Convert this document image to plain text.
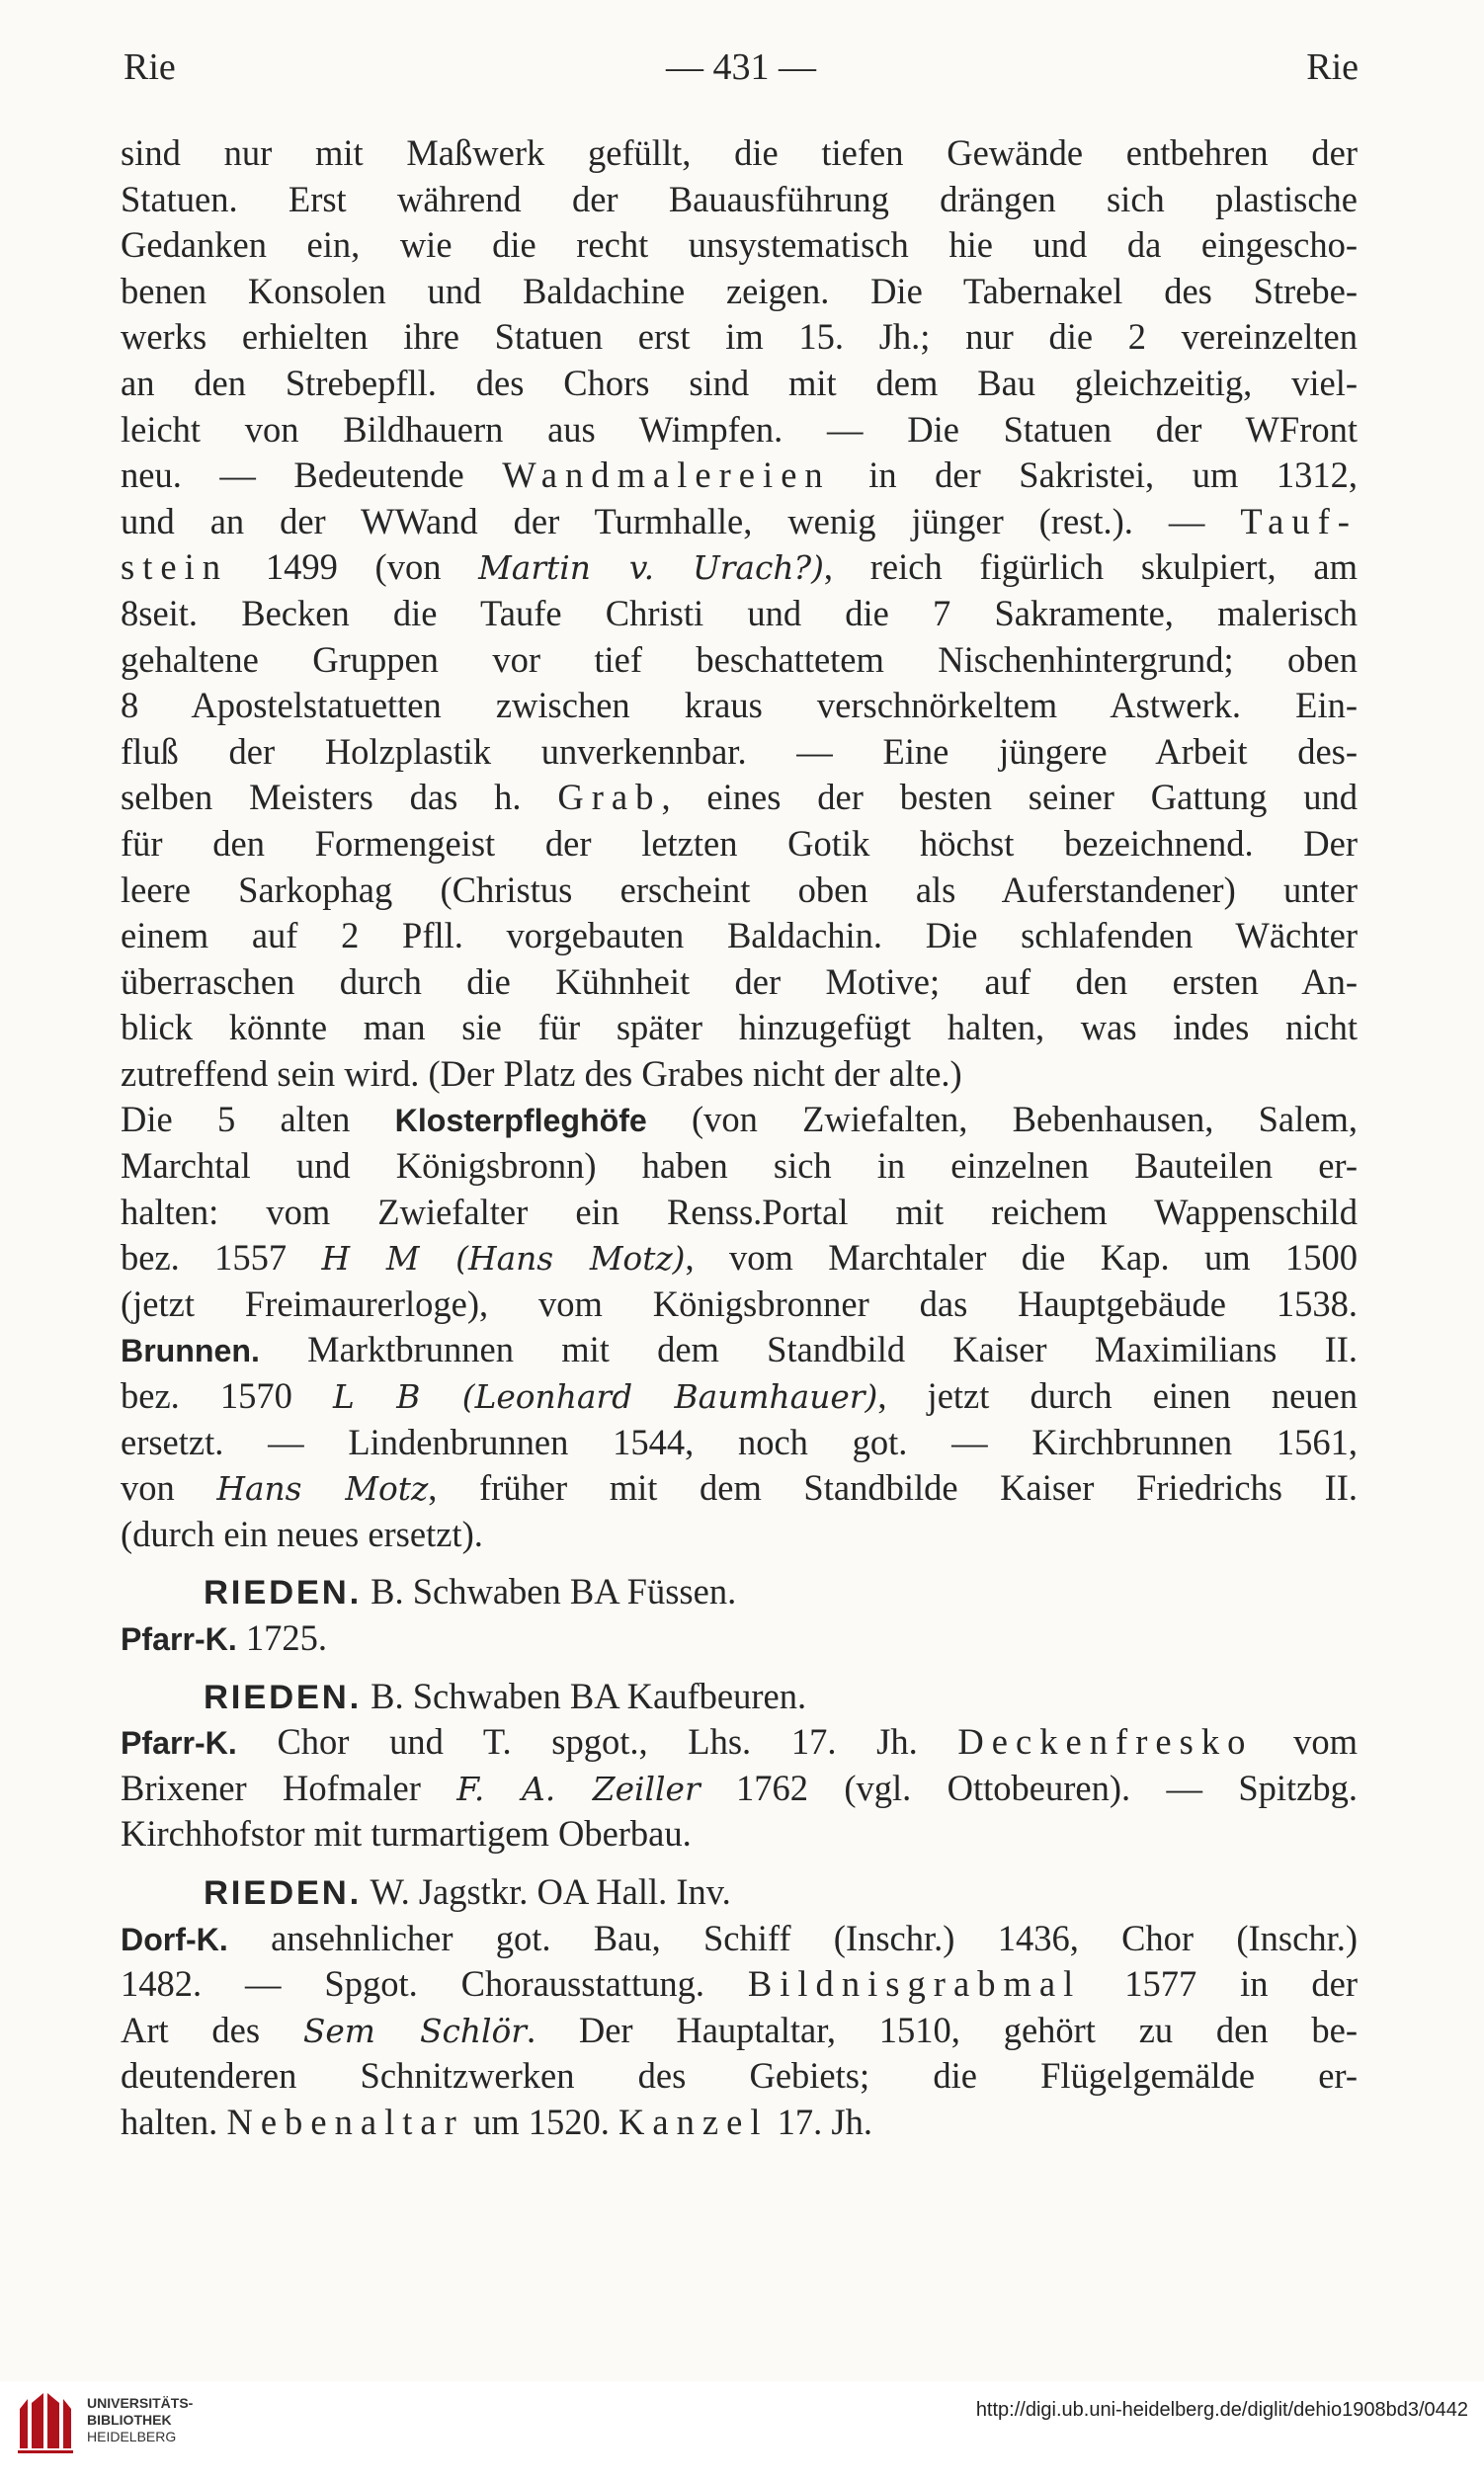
Rie	— 431 —	Rie
sind nur mit Maßwerk gefüllt, die tiefen Gewände entbehren der
Statuen. Erst während der Bauausführung drängen sich plastische
Gedanken ein, wie die recht unsystematisch hie und da eingescho-
benen Konsolen und Baldachine zeigen. Die Tabernakel des Strebe-
werks erhielten ihre Statuen erst im 15. Jh.; nur die 2 vereinzelten
an den Strebepfll. des Chors sind mit dem Bau gleichzeitig, viel-
leicht von Bildhauern aus Wimpfen. — Die Statuen der WFront
neu. — Bedeutende Wandmalereien in der Sakristei, um 1312,
und an der WWand der Turmhalle, wenig jünger (rest.). — Tauf-
stein 1499 (von Martin v. Urach?), reich figürlich skulpiert, am
8seit. Becken die Taufe Christi und die 7 Sakramente, malerisch
gehaltene Gruppen vor tief beschattetem Nischenhintergrund; oben
8 Apostelstatuetten zwischen kraus verschnörkeltem Astwerk. Ein-
fluß der Holzplastik unverkennbar. — Eine jüngere Arbeit des-
selben Meisters das h. Grab, eines der besten seiner Gattung und
für den Formengeist der letzten Gotik höchst bezeichnend. Der
leere Sarkophag (Christus erscheint oben als Auferstandener) unter
einem auf 2 Pfll. vorgebauten Baldachin. Die schlafenden Wächter
überraschen durch die Kühnheit der Motive; auf den ersten An-
blick könnte man sie für später hinzugefügt halten, was indes nicht
zutreffend sein wird. (Der Platz des Grabes nicht der alte.)
Die 5 alten Klosterpfleghöfe (von Zwiefalten, Bebenhausen, Salem,
Marchtal und Königsbronn) haben sich in einzelnen Bauteilen er-
halten: vom Zwiefalter ein Renss.Portal mit reichem Wappenschild
bez. 1557 H M (Hans Motz), vom Marchtaler die Kap. um 1500
(jetzt Freimaurerloge), vom Königsbronner das Hauptgebäude 1538.
Brunnen. Marktbrunnen mit dem Standbild Kaiser Maximilians II.
bez. 1570 L B (Leonhard Baumhauer), jetzt durch einen neuen
ersetzt. — Lindenbrunnen 1544, noch got. — Kirchbrunnen 1561,
von Hans Motz, früher mit dem Standbilde Kaiser Friedrichs II.
(durch ein neues ersetzt).
RIEDEN. B. Schwaben BA Füssen.
Pfarr-K. 1725.
RIEDEN. B. Schwaben BA Kaufbeuren.
Pfarr-K. Chor und T. spgot., Lhs. 17. Jh. Deckenfresko vom
Brixener Hofmaler F. A. Zeiller 1762 (vgl. Ottobeuren). — Spitzbg.
Kirchhofstor mit turmartigem Oberbau.
RIEDEN. W. Jagstkr. OA Hall. Inv.
Dorf-K. ansehnlicher got. Bau, Schiff (Inschr.) 1436, Chor (Inschr.)
1482. — Spgot. Chorausstattung. Bildnisgrabmal 1577 in der
Art des Sem Schlör. Der Hauptaltar, 1510, gehört zu den be-
deutenderen Schnitzwerken des Gebiets; die Flügelgemälde er-
halten. Nebenaltar um 1520. Kanzel 17. Jh.
UNIVERSITÄTS-
BIBLIOTHEK
HEIDELBERG
http://digi.ub.uni-heidelberg.de/diglit/dehio1908bd3/0442
